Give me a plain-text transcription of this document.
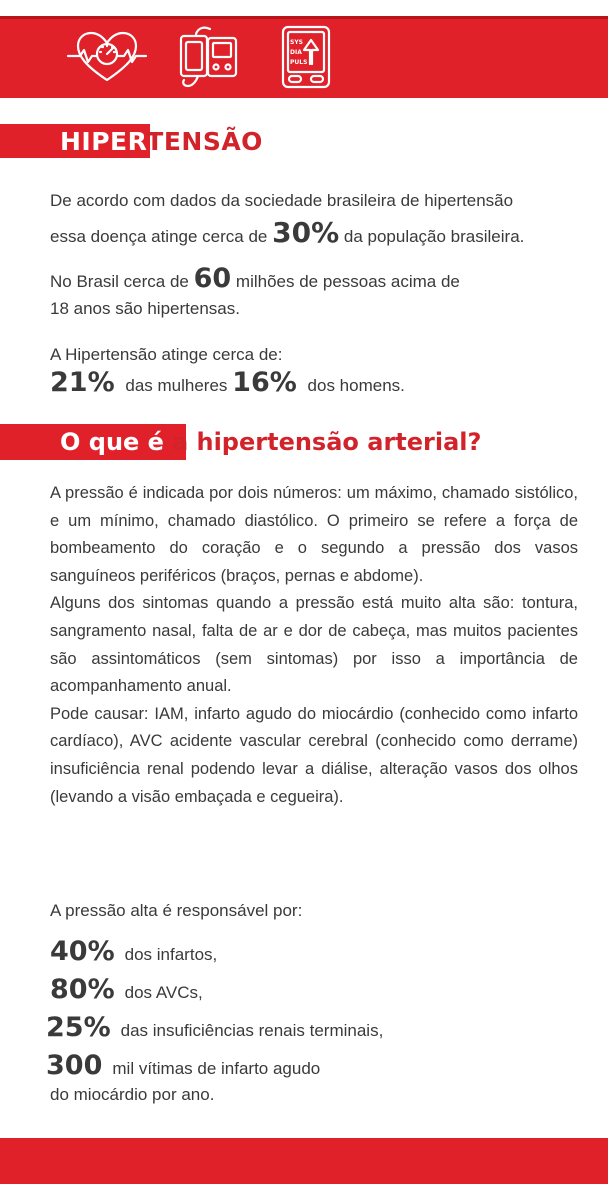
SYS
DIA
PULS
HIPERTENSÃO
De acordo com dados da sociedade brasileira de hipertensão
essa doença atinge cerca de 30% da população brasileira.
No Brasil cerca de 60 milhões de pessoas acima de
18 anos são hipertensas.
A Hipertensão atinge cerca de:
21% das mulheres 16% dos homens.
O que é a hipertensão arterial?

A pressão é indicada por dois números: um máximo, chamado sistólico, e um mínimo, chamado diastólico. O primeiro se refere a força de bombeamento do coração e o segundo a pressão dos vasos sanguíneos periféricos (braços, pernas e abdome).

Alguns dos sintomas quando a pressão está muito alta são: tontura, sangramento nasal, falta de ar e dor de cabeça, mas muitos pacientes são assintomáticos (sem sintomas) por isso a importância de acompanhamento anual.

Pode causar: IAM, infarto agudo do miocárdio (conhecido como infarto cardíaco), AVC acidente vascular cerebral (conhecido como derrame) insuficiência renal podendo levar a diálise, alteração vasos dos olhos (levando a visão embaçada e cegueira).

A pressão alta é responsável por:
40% dos infartos,
80% dos AVCs,
25% das insuficiências renais terminais,
300 mil vítimas de infarto agudo
do miocárdio por ano.
